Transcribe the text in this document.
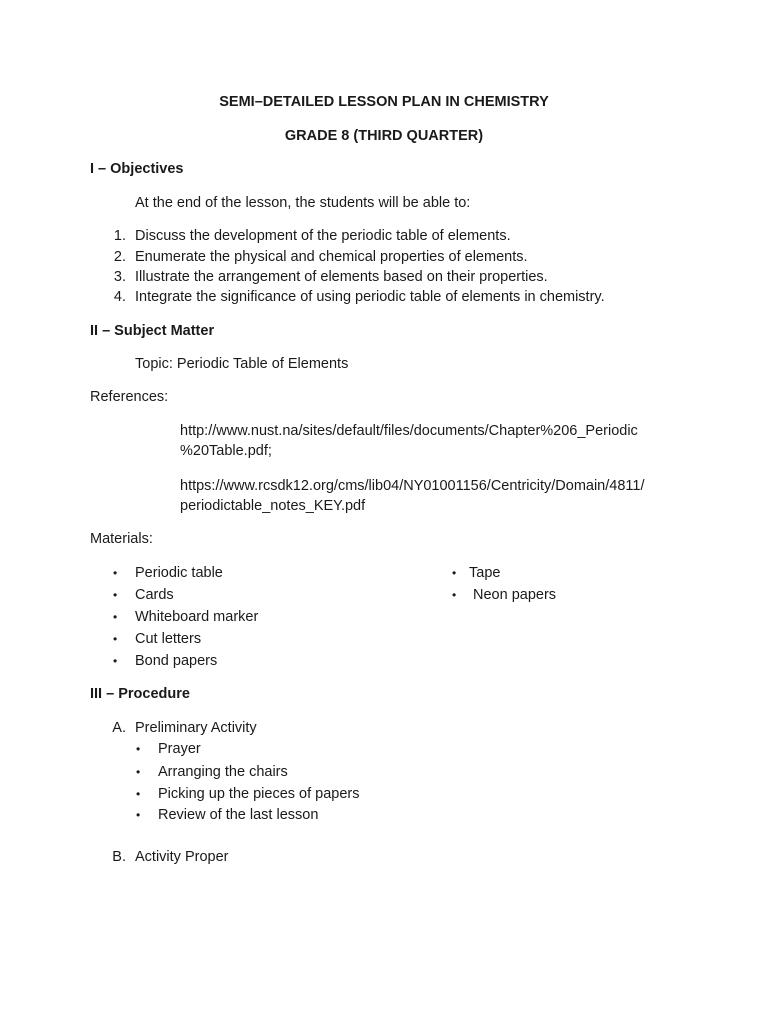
SEMI–DETAILED LESSON PLAN IN CHEMISTRY
GRADE 8 (THIRD QUARTER)
I – Objectives
At the end of the lesson, the students will be able to:
1. Discuss the development of the periodic table of elements.
2. Enumerate the physical and chemical properties of elements.
3. Illustrate the arrangement of elements based on their properties.
4. Integrate the significance of using periodic table of elements in chemistry.
II – Subject Matter
Topic: Periodic Table of Elements
References:
http://www.nust.na/sites/default/files/documents/Chapter%206_Periodic
%20Table.pdf;
https://www.rcsdk12.org/cms/lib04/NY01001156/Centricity/Domain/4811/
periodictable_notes_KEY.pdf
Materials:
• Periodic table
• Cards
• Whiteboard marker
• Cut letters
• Bond papers
• Tape
• Neon papers
III – Procedure
A. Preliminary Activity
• Prayer
• Arranging the chairs
• Picking up the pieces of papers
• Review of the last lesson
B. Activity Proper
